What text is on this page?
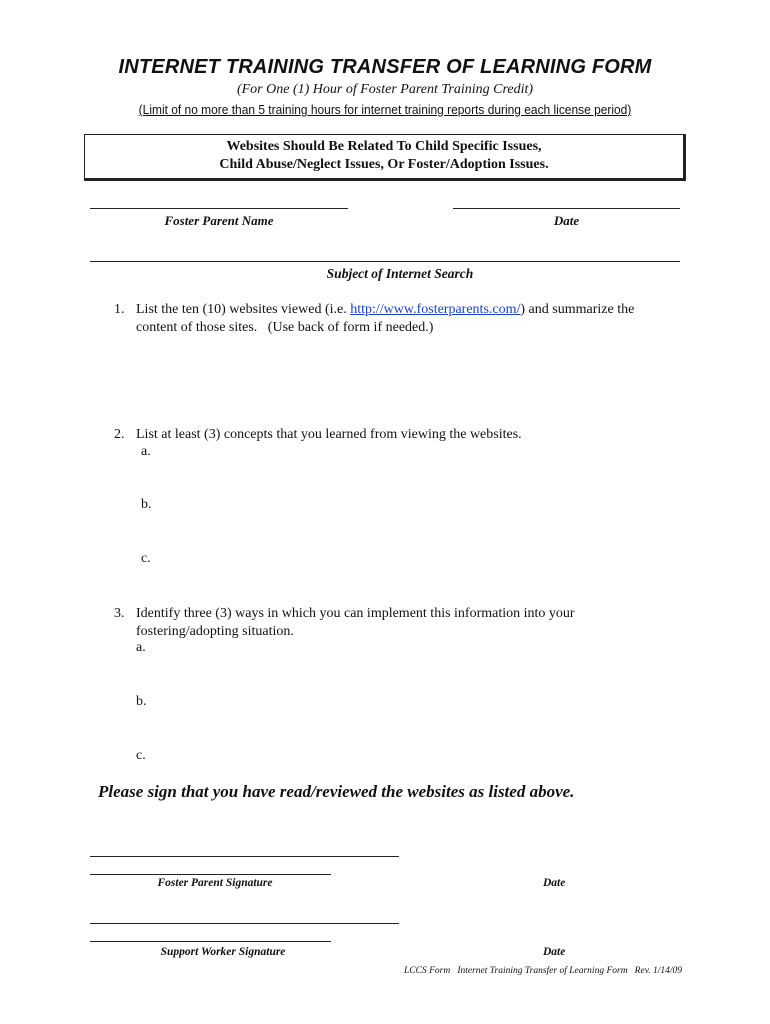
INTERNET TRAINING TRANSFER OF LEARNING FORM
(For One (1) Hour of Foster Parent Training Credit)
(Limit of no more than 5 training hours for internet training reports during each license period)
Websites Should Be Related To Child Specific Issues,
Child Abuse/Neglect Issues, Or Foster/Adoption Issues.
Foster Parent Name	Date
Subject of Internet Search
1. List the ten (10) websites viewed (i.e. http://www.fosterparents.com/) and summarize the
content of those sites.   (Use back of form if needed.)
2. List at least (3) concepts that you learned from viewing the websites.
a.
b.
c.
3. Identify three (3) ways in which you can implement this information into your
fostering/adopting situation.
a.
b.
c.
Please sign that you have read/reviewed the websites as listed above.
Foster Parent Signature	Date
Support Worker Signature	Date
LCCS Form   Internet Training Transfer of Learning Form   Rev. 1/14/09
